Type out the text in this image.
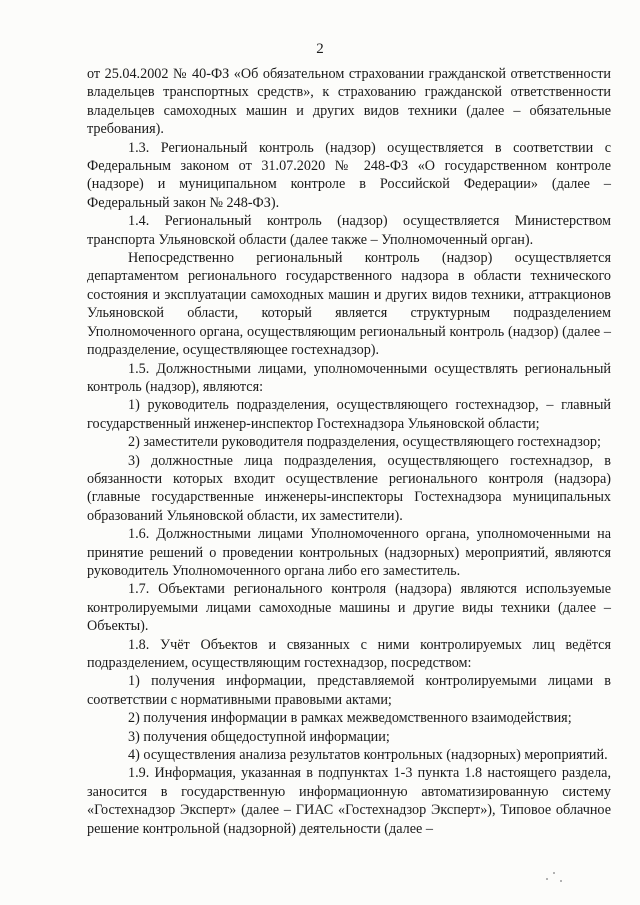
2

от 25.04.2002 № 40-ФЗ «Об обязательном страховании гражданской ответственности владельцев транспортных средств», к страхованию гражданской ответственности владельцев самоходных машин и других видов техники (далее – обязательные требования).

1.3. Региональный контроль (надзор) осуществляется в соответствии с Федеральным законом от 31.07.2020 № 248-ФЗ «О государственном контроле (надзоре) и муниципальном контроле в Российской Федерации» (далее – Федеральный закон № 248-ФЗ).

1.4. Региональный контроль (надзор) осуществляется Министерством транспорта Ульяновской области (далее также – Уполномоченный орган).

Непосредственно региональный контроль (надзор) осуществляется департаментом регионального государственного надзора в области технического состояния и эксплуатации самоходных машин и других видов техники, аттракционов Ульяновской области, который является структурным подразделением Уполномоченного органа, осуществляющим региональный контроль (надзор) (далее – подразделение, осуществляющее гостехнадзор).

1.5. Должностными лицами, уполномоченными осуществлять региональный контроль (надзор), являются:

1) руководитель подразделения, осуществляющего гостехнадзор, – главный государственный инженер-инспектор Гостехнадзора Ульяновской области;

2) заместители руководителя подразделения, осуществляющего гостехнадзор;

3) должностные лица подразделения, осуществляющего гостехнадзор, в обязанности которых входит осуществление регионального контроля (надзора) (главные государственные инженеры-инспекторы Гостехнадзора муниципальных образований Ульяновской области, их заместители).

1.6. Должностными лицами Уполномоченного органа, уполномоченными на принятие решений о проведении контрольных (надзорных) мероприятий, являются руководитель Уполномоченного органа либо его заместитель.

1.7. Объектами регионального контроля (надзора) являются используемые контролируемыми лицами самоходные машины и другие виды техники (далее – Объекты).

1.8. Учёт Объектов и связанных с ними контролируемых лиц ведётся подразделением, осуществляющим гостехнадзор, посредством:

1) получения информации, представляемой контролируемыми лицами в соответствии с нормативными правовыми актами;

2) получения информации в рамках межведомственного взаимодействия;

3) получения общедоступной информации;

4) осуществления анализа результатов контрольных (надзорных) мероприятий.

1.9. Информация, указанная в подпунктах 1-3 пункта 1.8 настоящего раздела, заносится в государственную информационную автоматизированную систему «Гостехнадзор Эксперт» (далее – ГИАС «Гостехнадзор Эксперт»), Типовое облачное решение контрольной (надзорной) деятельности (далее –
